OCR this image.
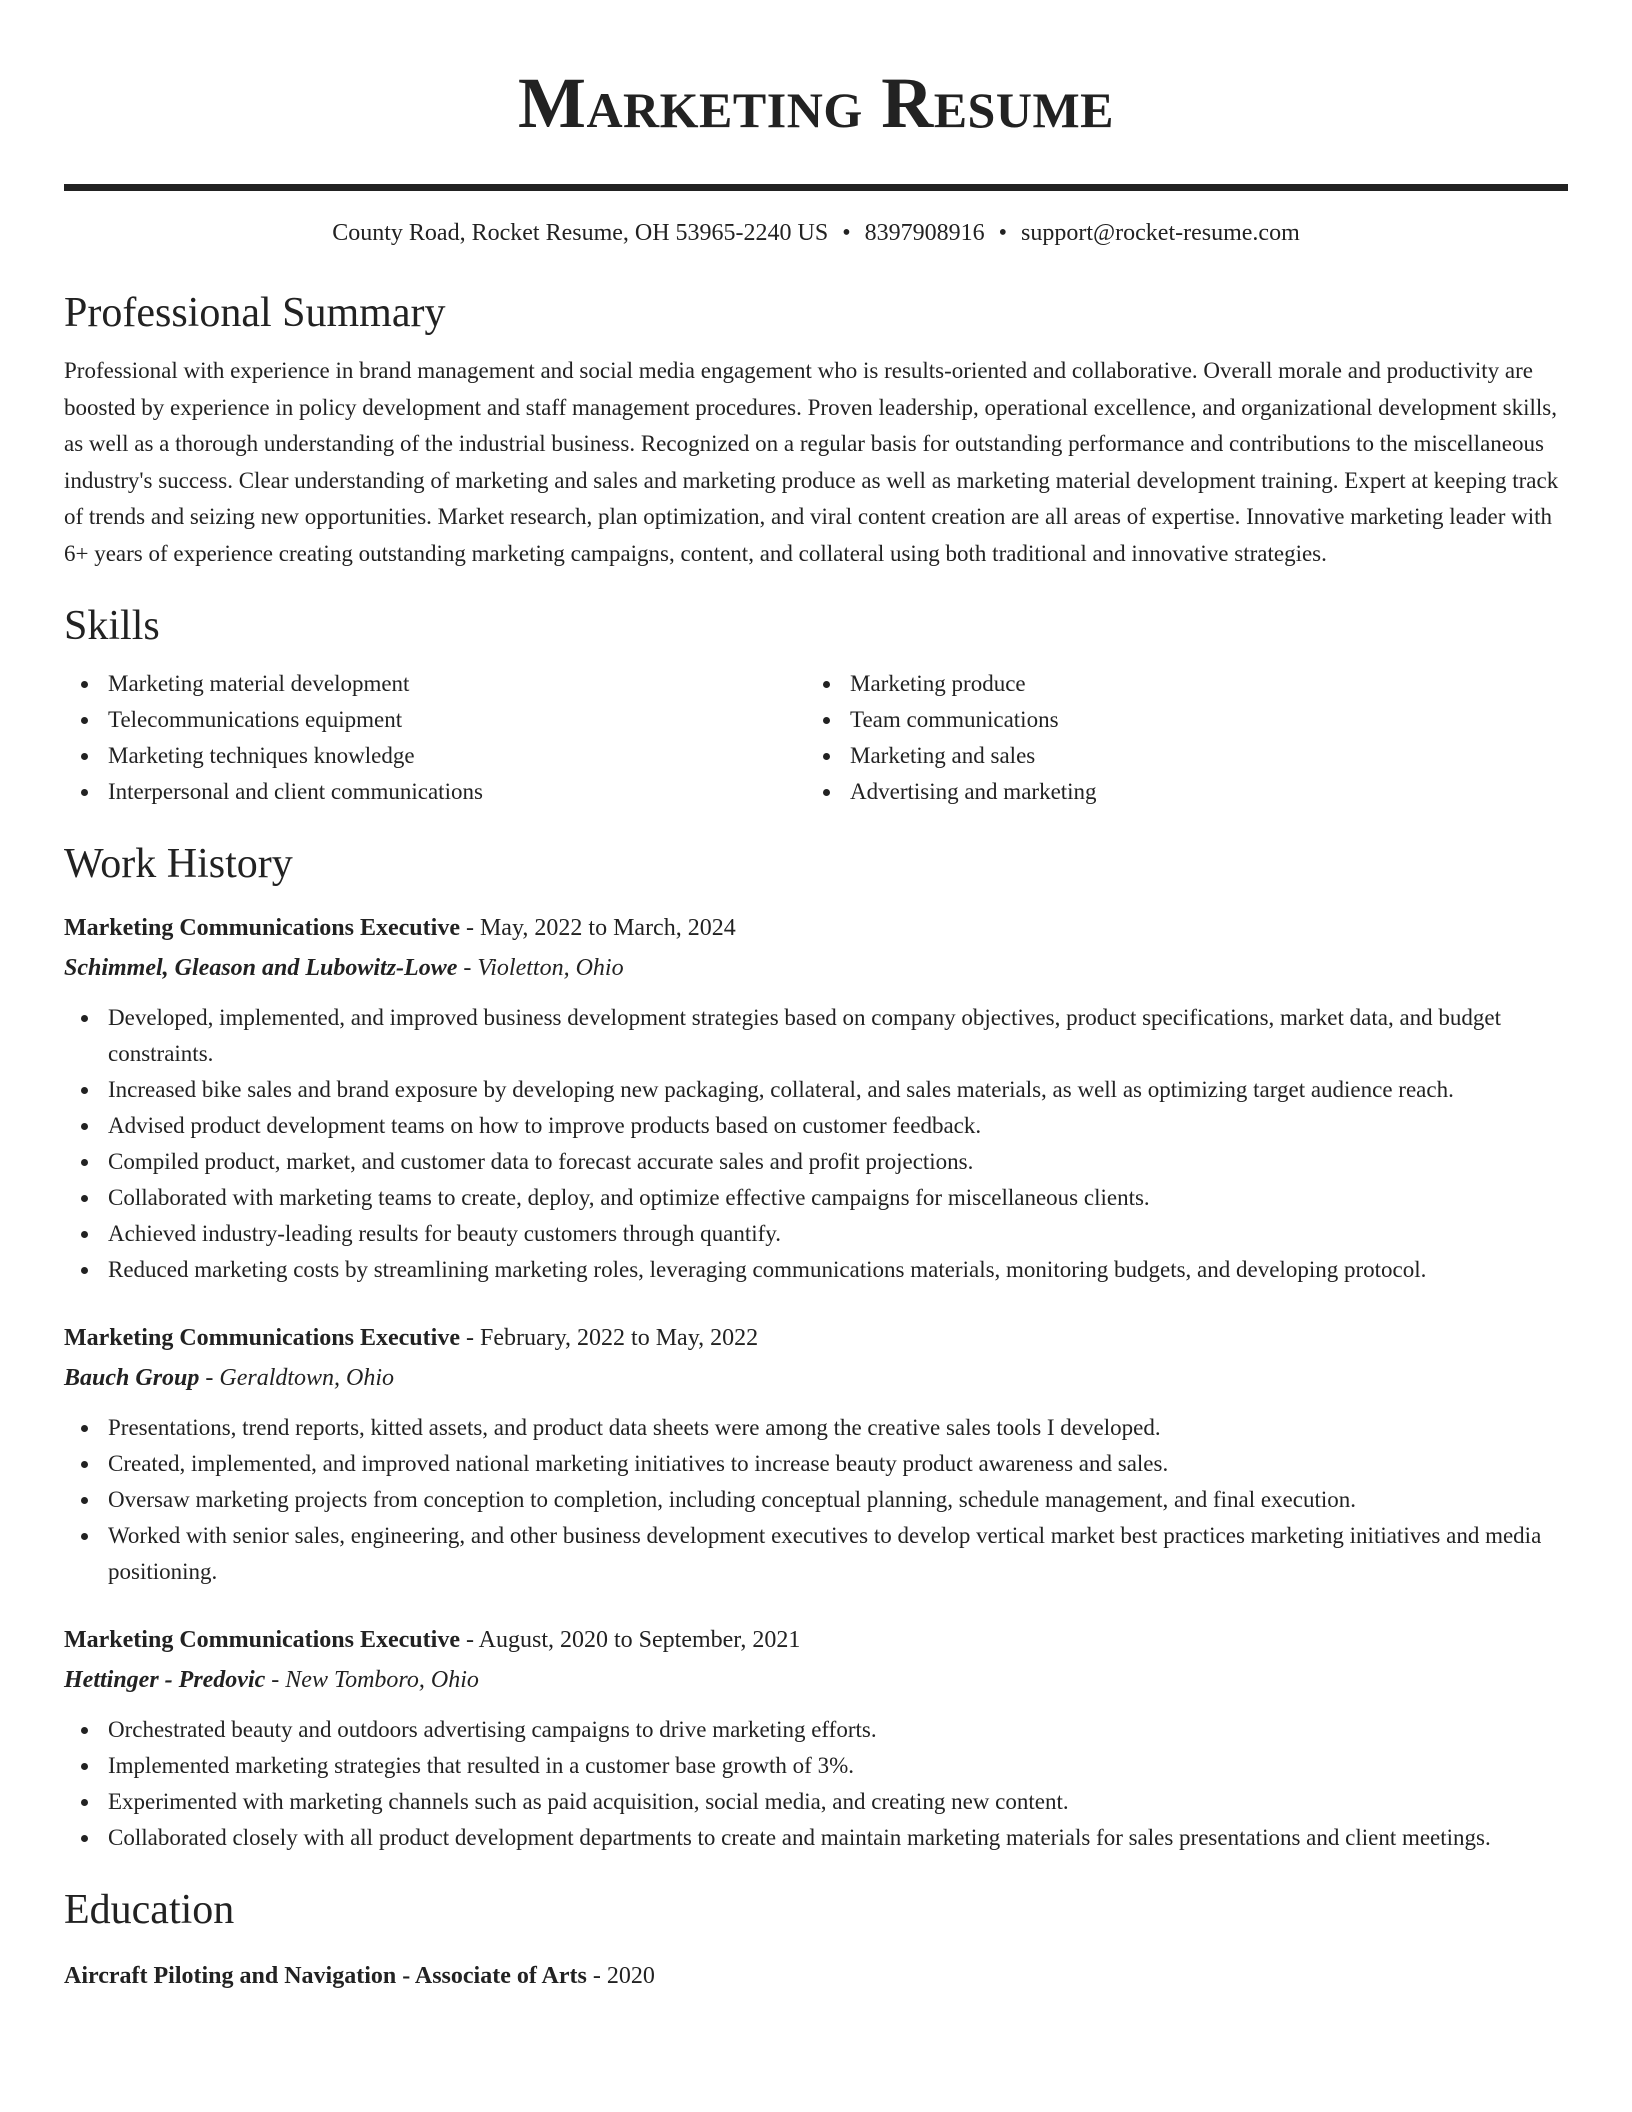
Marketing Resume
County Road, Rocket Resume, OH 53965-2240 US • 8397908916 • support@rocket-resume.com
Professional Summary

Professional with experience in brand management and social media engagement who is results-oriented and collaborative. Overall morale and productivity are boosted by experience in policy development and staff management procedures. Proven leadership, operational excellence, and organizational development skills, as well as a thorough understanding of the industrial business. Recognized on a regular basis for outstanding performance and contributions to the miscellaneous industry's success. Clear understanding of marketing and sales and marketing produce as well as marketing material development training. Expert at keeping track of trends and seizing new opportunities. Market research, plan optimization, and viral content creation are all areas of expertise. Innovative marketing leader with 6+ years of experience creating outstanding marketing campaigns, content, and collateral using both traditional and innovative strategies.

Skills
Marketing material development
Telecommunications equipment
Marketing techniques knowledge
Interpersonal and client communications
Marketing produce
Team communications
Marketing and sales
Advertising and marketing
Work History
Marketing Communications Executive - May, 2022 to March, 2024
Schimmel, Gleason and Lubowitz-Lowe - Violetton, Ohio
Developed, implemented, and improved business development strategies based on company objectives, product specifications, market data, and budget constraints.
Increased bike sales and brand exposure by developing new packaging, collateral, and sales materials, as well as optimizing target audience reach.
Advised product development teams on how to improve products based on customer feedback.
Compiled product, market, and customer data to forecast accurate sales and profit projections.
Collaborated with marketing teams to create, deploy, and optimize effective campaigns for miscellaneous clients.
Achieved industry-leading results for beauty customers through quantify.
Reduced marketing costs by streamlining marketing roles, leveraging communications materials, monitoring budgets, and developing protocol.
Marketing Communications Executive - February, 2022 to May, 2022
Bauch Group - Geraldtown, Ohio
Presentations, trend reports, kitted assets, and product data sheets were among the creative sales tools I developed.
Created, implemented, and improved national marketing initiatives to increase beauty product awareness and sales.
Oversaw marketing projects from conception to completion, including conceptual planning, schedule management, and final execution.
Worked with senior sales, engineering, and other business development executives to develop vertical market best practices marketing initiatives and media positioning.
Marketing Communications Executive - August, 2020 to September, 2021
Hettinger - Predovic - New Tomboro, Ohio
Orchestrated beauty and outdoors advertising campaigns to drive marketing efforts.
Implemented marketing strategies that resulted in a customer base growth of 3%.
Experimented with marketing channels such as paid acquisition, social media, and creating new content.
Collaborated closely with all product development departments to create and maintain marketing materials for sales presentations and client meetings.
Education
Aircraft Piloting and Navigation - Associate of Arts - 2020
